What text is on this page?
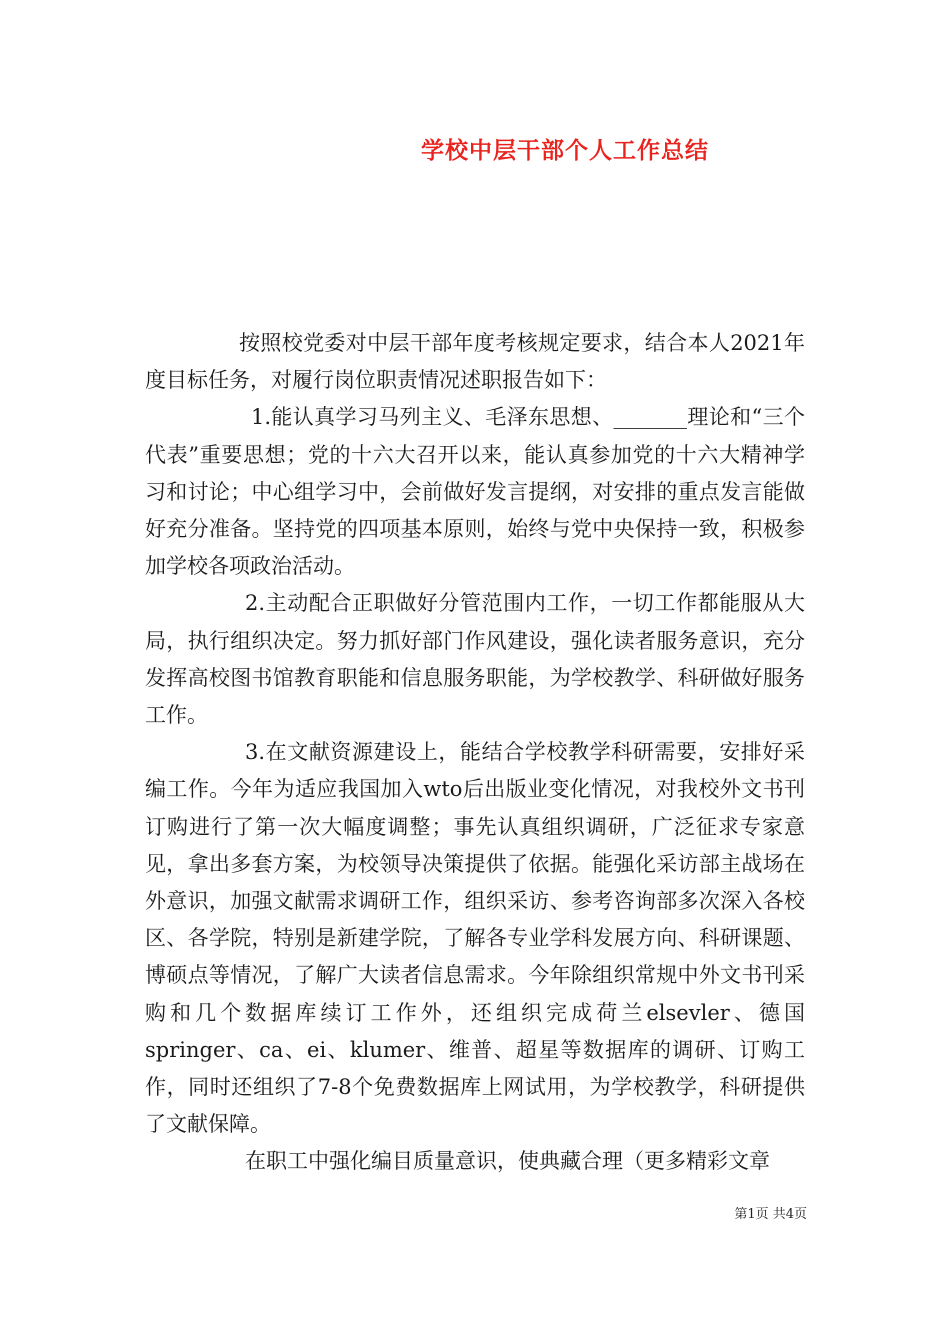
学校中层干部个人工作总结

按照校党委对中层干部年度考核规定要求，结合本人2021年度目标任务，对履行岗位职责情况述职报告如下：

1.能认真学习马列主义、毛泽东思想、_______理论和“三个代表”重要思想；党的十六大召开以来，能认真参加党的十六大精神学习和讨论；中心组学习中，会前做好发言提纲，对安排的重点发言能做好充分准备。坚持党的四项基本原则，始终与党中央保持一致，积极参加学校各项政治活动。

2.主动配合正职做好分管范围内工作，一切工作都能服从大局，执行组织决定。努力抓好部门作风建设，强化读者服务意识，充分发挥高校图书馆教育职能和信息服务职能，为学校教学、科研做好服务工作。

3.在文献资源建设上，能结合学校教学科研需要，安排好采编工作。今年为适应我国加入wto后出版业变化情况，对我校外文书刊订购进行了第一次大幅度调整；事先认真组织调研，广泛征求专家意见，拿出多套方案，为校领导决策提供了依据。能强化采访部主战场在外意识，加强文献需求调研工作，组织采访、参考咨询部多次深入各校区、各学院，特别是新建学院，了解各专业学科发展方向、科研课题、博硕点等情况，了解广大读者信息需求。今年除组织常规中外文书刊采购和几个数据库续订工作外，还组织完成荷兰elsevler、德国springer、ca、ei、klumer、维普、超星等数据库的调研、订购工作，同时还组织了7-8个免费数据库上网试用，为学校教学，科研提供了文献保障。

在职工中强化编目质量意识，使典藏合理（更多精彩文章

第1页 共4页
